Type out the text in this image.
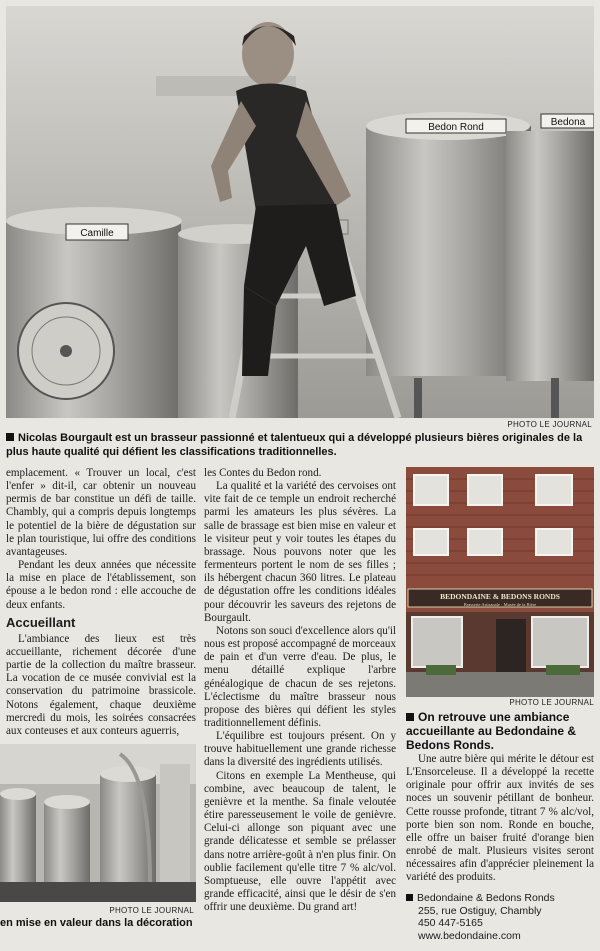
Camille
Bedon Rond	Bedona
PHOTO LE JOURNAL
Nicolas Bourgault est un brasseur passionné et talentueux qui a développé plusieurs bières originales de la plus haute qualité qui défient les classifications traditionnelles.

emplacement. « Trouver un local, c'est l'enfer » dit-il, car obtenir un nouveau permis de bar constitue un défi de taille. Chambly, qui a compris depuis longtemps le potentiel de la bière de dégustation sur le plan touristique, lui offre des conditions avantageuses.

Pendant les deux années que nécessite la mise en place de l'établissement, son épouse a le bedon rond : elle accouche de deux enfants.

Accueillant

L'ambiance des lieux est très accueillante, richement décorée d'une partie de la collection du maître brasseur. La vocation de ce musée convivial est la conservation du patrimoine brassicole. Notons également, chaque deuxième mercredi du mois, les soirées consacrées aux conteuses et aux conteurs aguerris,

PHOTO LE JOURNAL
en mise en valeur dans la décoration

les Contes du Bedon rond.

La qualité et la variété des cervoises ont vite fait de ce temple un endroit recherché parmi les amateurs les plus sévères. La salle de brassage est bien mise en valeur et le visiteur peut y voir toutes les étapes du brassage. Nous pouvons noter que les fermenteurs portent le nom de ses filles ; ils hébergent chacun 360 litres. Le plateau de dégustation offre les conditions idéales pour découvrir les saveurs des rejetons de Bourgault.

Notons son souci d'excellence alors qu'il nous est proposé accompagné de morceaux de pain et d'un verre d'eau. De plus, le menu détaillé explique l'arbre généalogique de chacun de ses rejetons. L'éclectisme du maître brasseur nous propose des bières qui défient les styles traditionnellement définis.

L'équilibre est toujours présent. On y trouve habituellement une grande richesse dans la diversité des ingrédients utilisés.

Citons en exemple La Mentheuse, qui combine, avec beaucoup de talent, le genièvre et la menthe. Sa finale veloutée étire paresseusement le voile de genièvre. Celui-ci allonge son piquant avec une grande délicatesse et semble se prélasser dans notre arrière-goût à n'en plus finir. On oublie facilement qu'elle titre 7 % alc/vol. Somptueuse, elle ouvre l'appétit avec grande efficacité, ainsi que le désir de s'en offrir une deuxième. Du grand art!

BEDONDAINE & BEDONS RONDS
Brasserie Artisanale · Musée de la Bière
PHOTO LE JOURNAL
On retrouve une ambiance accueillante au Bedondaine & Bedons Ronds.

Une autre bière qui mérite le détour est L'Ensorceleuse. Il a développé la recette originale pour offrir aux invités de ses noces un souvenir pétillant de bonheur. Cette rousse profonde, titrant 7 % alc/vol, porte bien son nom. Ronde en bouche, elle offre un baiser fruité d'orange bien enrobé de malt. Plusieurs visites seront nécessaires afin d'apprécier pleinement la variété des produits.

Bedondaine & Bedons Ronds
255, rue Ostiguy, Chambly
450 447-5165
www.bedondaine.com
